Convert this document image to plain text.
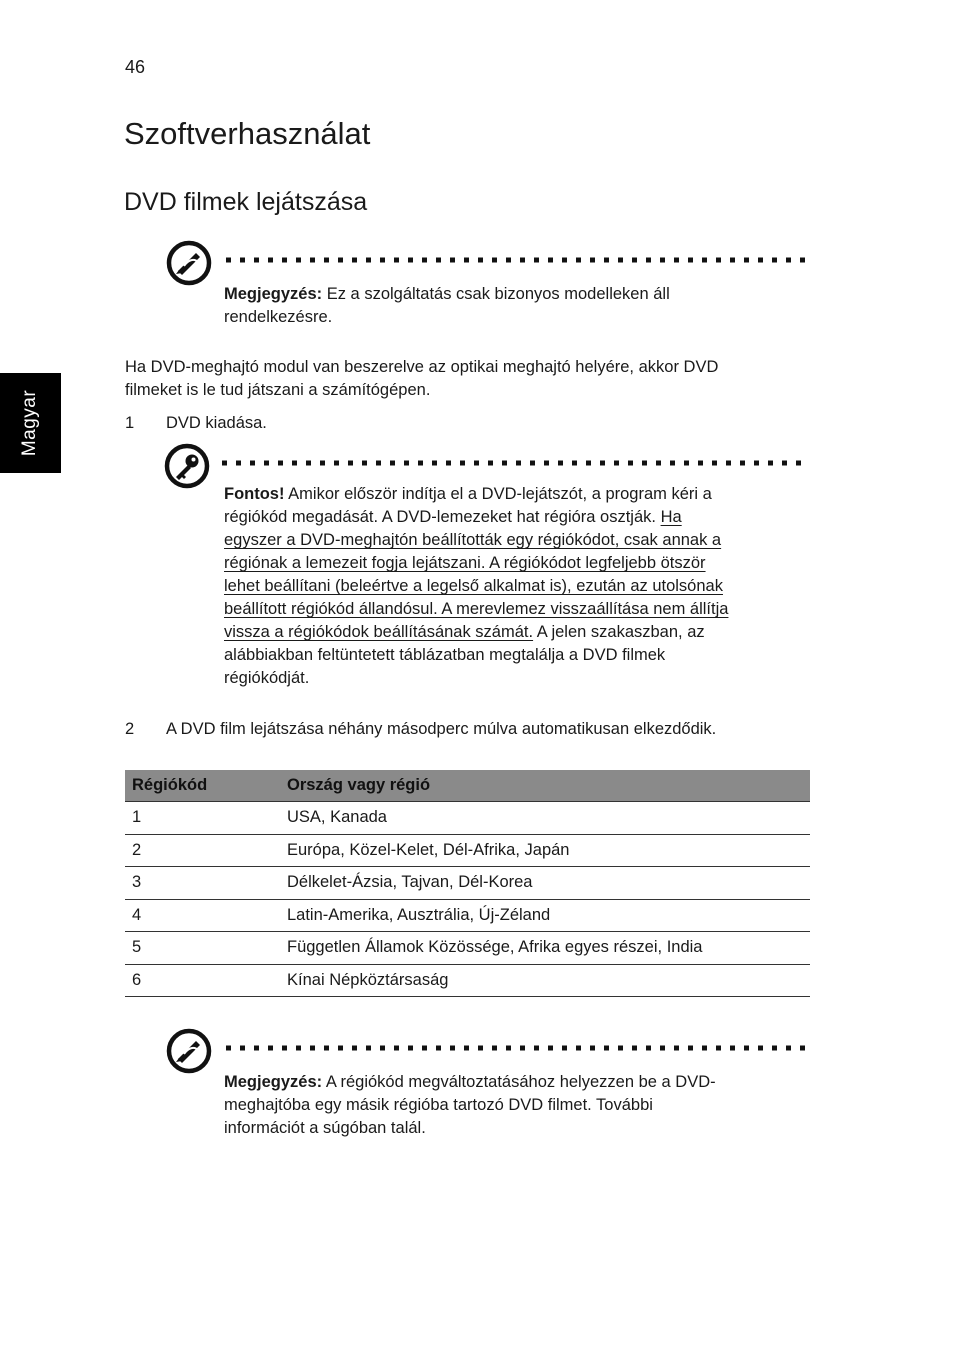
46
Magyar
Szoftverhasználat
DVD filmek lejátszása

Megjegyzés: Ez a szolgáltatás csak bizonyos modelleken áll
rendelkezésre.

Ha DVD-meghajtó modul van beszerelve az optikai meghajtó helyére, akkor DVD
filmeket is le tud játszani a számítógépen.

1 DVD kiadása.

Fontos! Amikor először indítja el a DVD-lejátszót, a program kéri a
régiókód megadását. A DVD-lemezeket hat régióra osztják. Ha
egyszer a DVD-meghajtón beállították egy régiókódot, csak annak a
régiónak a lemezeit fogja lejátszani. A régiókódot legfeljebb ötször
lehet beállítani (beleértve a legelső alkalmat is), ezután az utolsónak
beállított régiókód állandósul. A merevlemez visszaállítása nem állítja
vissza a régiókódok beállításának számát. A jelen szakaszban, az
alábbiakban feltüntetett táblázatban megtalálja a DVD filmek
régiókódját.

2 A DVD film lejátszása néhány másodperc múlva automatikusan elkezdődik.
Régiókód	Ország vagy régió
1	USA, Kanada
2	Európa, Közel-Kelet, Dél-Afrika, Japán
3	Délkelet-Ázsia, Tajvan, Dél-Korea
4	Latin-Amerika, Ausztrália, Új-Zéland
5	Független Államok Közössége, Afrika egyes részei, India
6	Kínai Népköztársaság

Megjegyzés: A régiókód megváltoztatásához helyezzen be a DVD-
meghajtóba egy másik régióba tartozó DVD filmet. További
információt a súgóban talál.
